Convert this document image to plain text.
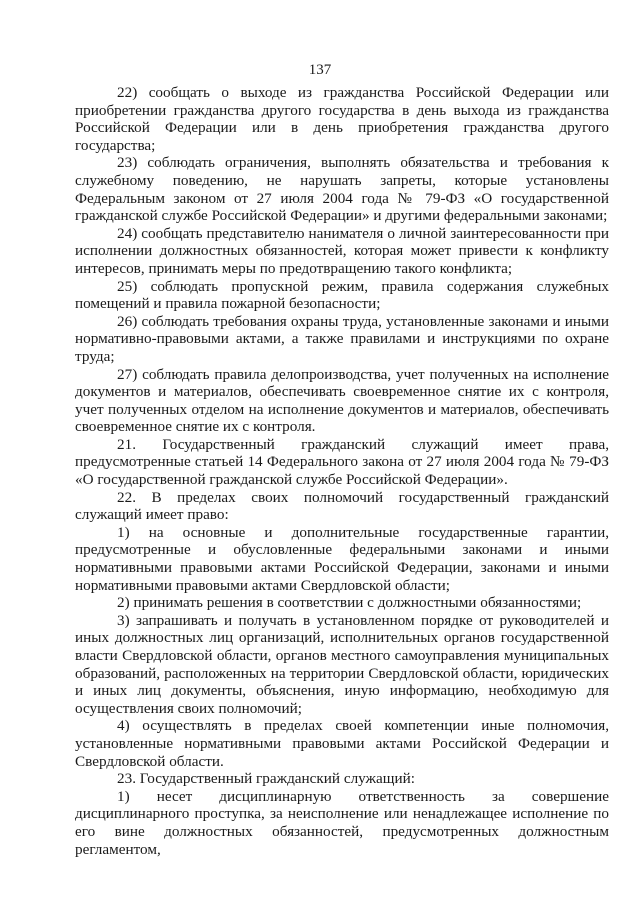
137

22) сообщать о выходе из гражданства Российской Федерации или приобретении гражданства другого государства в день выхода из гражданства Российской Федерации или в день приобретения гражданства другого государства;

23) соблюдать ограничения, выполнять обязательства и требования к служебному поведению, не нарушать запреты, которые установлены Федеральным законом от 27 июля 2004 года № 79-ФЗ «О государственной гражданской службе Российской Федерации» и другими федеральными законами;

24) сообщать представителю нанимателя о личной заинтересованности при исполнении должностных обязанностей, которая может привести к конфликту интересов, принимать меры по предотвращению такого конфликта;

25) соблюдать пропускной режим, правила содержания служебных помещений и правила пожарной безопасности;

26) соблюдать требования охраны труда, установленные законами и иными нормативно-правовыми актами, а также правилами и инструкциями по охране труда;

27) соблюдать правила делопроизводства, учет полученных на исполнение документов и материалов, обеспечивать своевременное снятие их с контроля, учет полученных отделом на исполнение документов и материалов, обеспечивать своевременное снятие их с контроля.

21. Государственный гражданский служащий имеет права, предусмотренные статьей 14 Федерального закона от 27 июля 2004 года № 79-ФЗ «О государственной гражданской службе Российской Федерации».

22. В пределах своих полномочий государственный гражданский служащий имеет право:

1) на основные и дополнительные государственные гарантии, предусмотренные и обусловленные федеральными законами и иными нормативными правовыми актами Российской Федерации, законами и иными нормативными правовыми актами Свердловской области;

2) принимать решения в соответствии с должностными обязанностями;

3) запрашивать и получать в установленном порядке от руководителей и иных должностных лиц организаций, исполнительных органов государственной власти Свердловской области, органов местного самоуправления муниципальных образований, расположенных на территории Свердловской области, юридических и иных лиц документы, объяснения, иную информацию, необходимую для осуществления своих полномочий;

4) осуществлять в пределах своей компетенции иные полномочия, установленные нормативными правовыми актами Российской Федерации и Свердловской области.

23. Государственный гражданский служащий:

1) несет дисциплинарную ответственность за совершение дисциплинарного проступка, за неисполнение или ненадлежащее исполнение по его вине должностных обязанностей, предусмотренных должностным регламентом,
